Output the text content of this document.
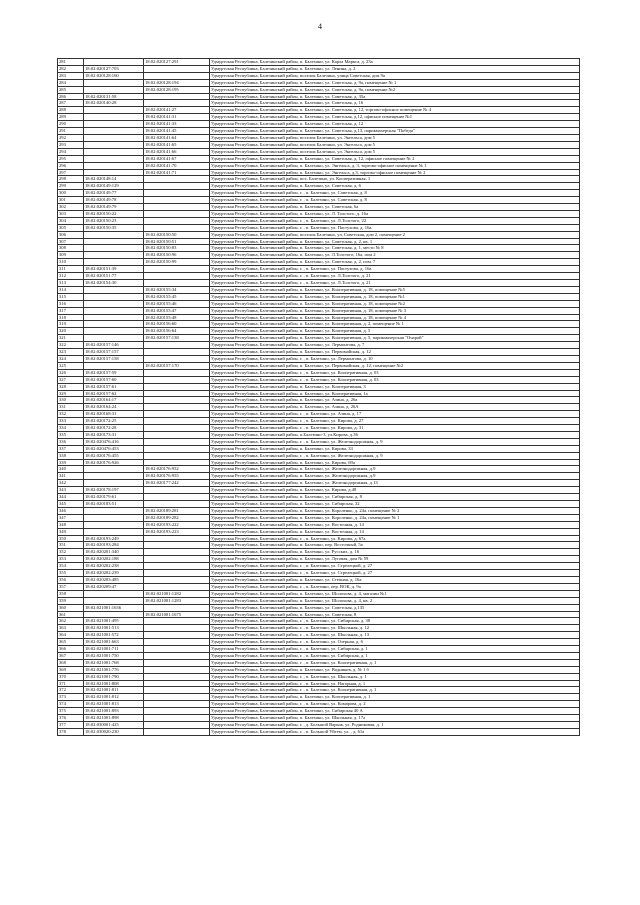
4
281		18:02:020127:291	Удмуртская Республика, Балезинский район, п. Балезино, ул. Карла Маркса, д. 23а
282	18:02:020127:703		Удмуртская Республика, Балезинский район, п. Балезино, ул. Ленина, д. 2
283	18:02:020128:160		Удмуртская Республика, Балезинский район, поселок Балезино, улица Советская, дом 9а
284		18:02:020128:194	Удмуртская Республика, Балезинский район, п. Балезино, ул. Советская, д. 9а, помещение № 1
285		18:02:020128:195	Удмуртская Республика, Балезинский район, п. Балезино, ул. Советская, д. 9а, помещение №2
286	18:02:020131:58		Удмуртская Республика, Балезинский район, п. Балезино, ул. Советская, д. 35а
287	18:02:020140:28		Удмуртская Республика, Балезинский район, п. Балезино, ул. Советская, д. 16
288		18:02:020141:27	Удмуртская Республика, Балезинский район, п. Балезино, ул. Советская, д. 12, торгово-офисное помещение № 4
289		18:02:020141:31	Удмуртская Республика, Балезинский район, п. Балезино, ул. Советская, д.12, офисное помещение №1
290		18:02:020141:33	Удмуртская Республика, Балезинский район, п. Балезино, ул. Советская, д. 12
291		18:02:020141:45	Удмуртская Республика, Балезинский район, п. Балезино, ул. Советская, д.13, парикмахерская "Победа"
292		18:02:020141:64	Удмуртская Республика, Балезинский район, поселок Балезино, ул. Энгельса, дом 5
293		18:02:020141:65	Удмуртская Республика, Балезинский район, поселок Балезино, ул. Энгельса, дом 5
294		18:02:020141:66	Удмуртская Республика, Балезинский район, поселок Балезино, ул. Энгельса, дом 5
295		18:02:020141:67	Удмуртская Республика, Балезинский район, п. Балезино, ул. Советская, д. 12, офисное помещение № 2
296		18:02:020141:70	Удмуртская Республика, Балезинский район, п. Балезино, ул. Энгельса, д. 3, торгово-офисное помещение № 1
297		18:02:020141:71	Удмуртская Республика, Балезинский район, п. Балезино, ул. Энгельса, д.3, торгово-офисное помещение № 2
298	18:02:020148:14		Удмуртская Республика, Балезинский район, пос. Балезино, ул. Кооперативная, 1
299	18:02:020149:129		Удмуртская Республика, Балезинский район, п. Балезино, ул. Советская, д. 6
300	18:02:020149:77		Удмуртская Республика, Балезинский район, г. , п. Балезино, ул. Советская, д. 8
301	18:02:020149:78		Удмуртская Республика, Балезинский район, г. , п. Балезино, ул. Советская, д. 8
302	18:02:020149:79		Удмуртская Республика, Балезинский район, п. Балезино, ул. Советская, 6а
303	18:02:020150:22		Удмуртская Республика, Балезинский район, п. Балезино, ул. Л. Толстого, д. 16а
304	18:02:020150:23		Удмуртская Республика, Балезинский район, г. , п. Балезино, ул. Л.Толстого, 22
305	18:02:020150:35		Удмуртская Республика, Балезинский район, г. , п. Балезино, ул. Пастухова, д. 16а
306		18:02:020150:50	Удмуртская Республика, Балезинский район, поселок Балезино, ул. Советская, дом 2, помещение 2
307		18:02:020150:51	Удмуртская Республика, Балезинский район, п. Балезино, ул. Советская, д. 2, кв. 1
308		18:02:020150:83	Удмуртская Республика, Балезинский район, п. Балезино, ул. Советская, д. 1, место № 8
309		18:02:020150:96	Удмуртская Республика, Балезинский район, п. Балезино, ул. Л.Толстого, 16а, пом 2
310		18:02:020150:99	Удмуртская Республика, Балезинский район, п. Балезино, ул. Советская, д. 2, пом. 7
311	18:02:020151:39		Удмуртская Республика, Балезинский район, г. , п. Балезино, ул. Пастухова, д. 16а
312	18:02:020151:77		Удмуртская Республика, Балезинский район, г. , п. Балезино, ул. Л.Толстого, д. 21
313	18:02:020154:30		Удмуртская Республика, Балезинский район, г. , п. Балезино, ул. Л.Толстого, д. 21
314		18:02:020155:34	Удмуртская Республика, Балезинский район, п. Балезино, ул. Кооперативная, д. 18, помещение №5
315		18:02:020155:45	Удмуртская Республика, Балезинский район, п. Балезино, ул. Кооперативная, д. 18, помещение №1
316		18:02:020155:46	Удмуртская Республика, Балезинский район, п. Балезино, ул. Кооперативная, д. 18, помещение №2
317		18:02:020155:47	Удмуртская Республика, Балезинский район, п. Балезино, ул. Кооперативная, д. 18, помещение № 3
318		18:02:020155:48	Удмуртская Республика, Балезинский район, п. Балезино, ул. Кооперативная, д. 18, помещение № 4
319		18:02:020156:60	Удмуртская Республика, Балезинский район, п. Балезино, ул. Кооперативная, д. 2, помещение № 1
320		18:02:020156:64	Удмуртская Республика, Балезинский район, п. Балезино, ул. Кооперативная, д. 5
321		18:02:020157:138	Удмуртская Республика, Балезинский район, п. Балезино, ул. Кооперативная, д. 5, парикмахерская "Очарой"
322	18:02:020157:146		Удмуртская Республика, Балезинский район, п. Балезино, ул. Лермонтова, д. 7
323	18:02:020157:157		Удмуртская Республика, Балезинский район, п. Балезино, ул. Первомайская, д. 12
324	18:02:020157:158		Удмуртская Республика, Балезинский район, г. , п. Балезино, ул. Лермонтова, д. 10
325		18:02:020157:170	Удмуртская Республика, Балезинский район, п. Балезино, ул. Первомайская, д. 12, помещение №2
326	18:02:020157:59		Удмуртская Республика, Балезинский район, г. , п. Балезино, ул. Кооперативная, д. 03
327	18:02:020157:60		Удмуртская Республика, Балезинский район, г. , п. Балезино, ул. Кооперативная, д. 03
328	18:02:020157:61		Удмуртская Республика, Балезинский район, п. Балезино, ул. Кооперативная, 3
329	18:02:020157:62		Удмуртская Республика, Балезинский район, п. Балезино, ул. Кооперативная, 1а
330	18:02:020164:17		Удмуртская Республика, Балезинский район, п. Балезино, ул. Азина, д. 26а
331	18:02:020164:24		Удмуртская Республика, Балезинский район, п. Балезино, ул. Азина, д. 26А
332	18:02:020168:31		Удмуртская Республика, Балезинский район, г. , п. Балезино, ул. Азина, д. 17
333	18:02:020172:25		Удмуртская Республика, Балезинский район, г. , п. Балезино, ул. Кирова, д. 27
334	18:02:020172:28		Удмуртская Республика, Балезинский район, г. , п. Балезино, ул. Кирова, д. 31
335	18:02:020173:31		Удмуртская Республика, Балезинский район, п.Балезино-3, ул.Кирова, д.36
336	18:02:020476:416		Удмуртская Республика, Балезинский район, г. , п. Балезино, ул. Железнодорожная, д. 9
337	18:02:020476:453		Удмуртская Республика, Балезинский район, п. Балезино, ул. Кирова, 33
338	18:02:020176:455		Удмуртская Республика, Балезинский район, г. , п. Балезино, ул. Железнодорожная, д. 9
339	18:02:020176:926		Удмуртская Республика, Балезинский район, п. Балезино, ул. Кирова, 69а
340		18:02:020176:952	Удмуртская Республика, Балезинский район, п. Балезино, ул. Железнодорожная, д.9
341		18:02:020176:955	Удмуртская Республика, Балезинский район, п. Балезино, ул. Железнодорожная, д.9
342		18:02:020177:242	Удмуртская Республика, Балезинский район, п. Балезино, ул. Железнодорожная, д.13
343	18:02:020178:197		Удмуртская Республика, Балезинский район, п. Балезино, ул. Кирова, д.48
344	18:02:020179:61		Удмуртская Республика, Балезинский район, п. Балезино, ул. Сибирская, д. 8
345	18:02:020183:51		Удмуртская Республика, Балезинский район, п. Балезино, ул. Сибирская, 32
346		18:02:020189:281	Удмуртская Республика, Балезинский район, п. Балезино, ул. Короленко, д. 24а, помещение № 2
347		18:02:020189:282	Удмуртская Республика, Балезинский район, п. Балезино, ул. Короленко, д. 24а, помещение № 1
348		18:02:020193:222	Удмуртская Республика, Балезинский район, п. Балезино, ул. Восточная, д. 14
349		18:02:020193:223	Удмуртская Республика, Балезинский район, п. Балезино, ул. Восточная, д. 14
350	18:02:020193:249		Удмуртская Республика, Балезинский район, г. , п. Балезино, ул. Кирова, д. 67а
351	18:02:020193:284		Удмуртская Республика, Балезинский район, п. Балезино, пер. Восточный, 5а
352	18:02:020201:340		Удмуртская Республика, Балезинский район, п. Балезино, ул. Русских, д. 16
353	18:02:020202:188		Удмуртская Республика, Балезинский район, п. Балезино, ул. Луговая, дом № 59
354	18:02:020202:238		Удмуртская Республика, Балезинский район, г. , п. Балезино, ул. Стрелецкой, д. 27
355	18:02:020202:239		Удмуртская Республика, Балезинский район, г. , п. Балезино, ул. Стрелецкой, д. 27
356	18:02:020203:485		Удмуртская Республика, Балезинский район, п. Балезино, ул. Степная, д. 16а
357	18:02:020209:47		Удмуртская Республика, Балезинский район, г. , п. Балезино, пер. ВОК, д. 9а
358		18:02:021001:1282	Удмуртская Республика, Балезинский район, п. Балезино, ул. Шолохова, д. 4, магазин №1
359		18:02:021001:1283	Удмуртская Республика, Балезинский район, п. Балезино, ул. Шолохова, д. 4, кв. 2
360	18:02:021001:1636		Удмуртская Республика, Балезинский район, п. Балезино, ул. Советская, д.135
361		18:02:021001:1675	Удмуртская Республика, Балезинский район, п. Балезино, ул. Советская, 8
362	18:02:021001:495		Удмуртская Республика, Балезинский район, г. , п. Балезино, ул. Сибирская, д. 38
363	18:02:021001:513		Удмуртская Республика, Балезинский район, г. , п. Балезино, ул. Школьная, д. 12
364	18:02:021001:572		Удмуртская Республика, Балезинский район, г. , п. Балезино, ул. Школьная, д. 13
365	18:02:021001:663		Удмуртская Республика, Балезинский район, г. , п. Балезино, ул. Озерная, д. 6
366	18:02:021001:711		Удмуртская Республика, Балезинский район, г. , п. Балезино, ул. Сибирская, д. 1
367	18:02:021001:750		Удмуртская Республика, Балезинский район, г. , п. Балезино, ул. Сибирская, д. 1
368	18:02:021001:768		Удмуртская Республика, Балезинский район, г. , п. Балезино, ул. Кооперативная, д. 1
369	18:02:021001:776		Удмуртская Республика, Балезинский район, п. Балезино, ул. Водников, д. № 1 б
370	18:02:021001:790		Удмуртская Республика, Балезинский район, г. , п. Балезино, ул. Школьная, д. 1
371	18:02:021001:808		Удмуртская Республика, Балезинский район, г. , п. Балезино, ул. Нагорная, д. 1
372	18:02:021001:811		Удмуртская Республика, Балезинский район, г. , п. Балезино, ул. Кооперативная, д. 1
373	18:02:021001:812		Удмуртская Республика, Балезинский район, п. Балезино, ул. Кооперативная, д. 1
374	18:02:021001:813		Удмуртская Республика, Балезинский район, г. , п. Балезино, ул. Комарова, д. 2
375	18:02:021001:893		Удмуртская Республика, Балезинский район, п. Балезино, ул. Сибирская 40 А
376	18:02:021001:898		Удмуртская Республика, Балезинский район, п. Балезино, ул. Школьная, д. 17а
377	18:02:030001:425		Удмуртская Республика, Балезинский район, г. , д. Большой Варыж, ул. Родниковая, д. 1
378	18:02:030020:230		Удмуртская Республика, Балезинский район, г. , п. Большой Уйтем, ул. , д. 61а
